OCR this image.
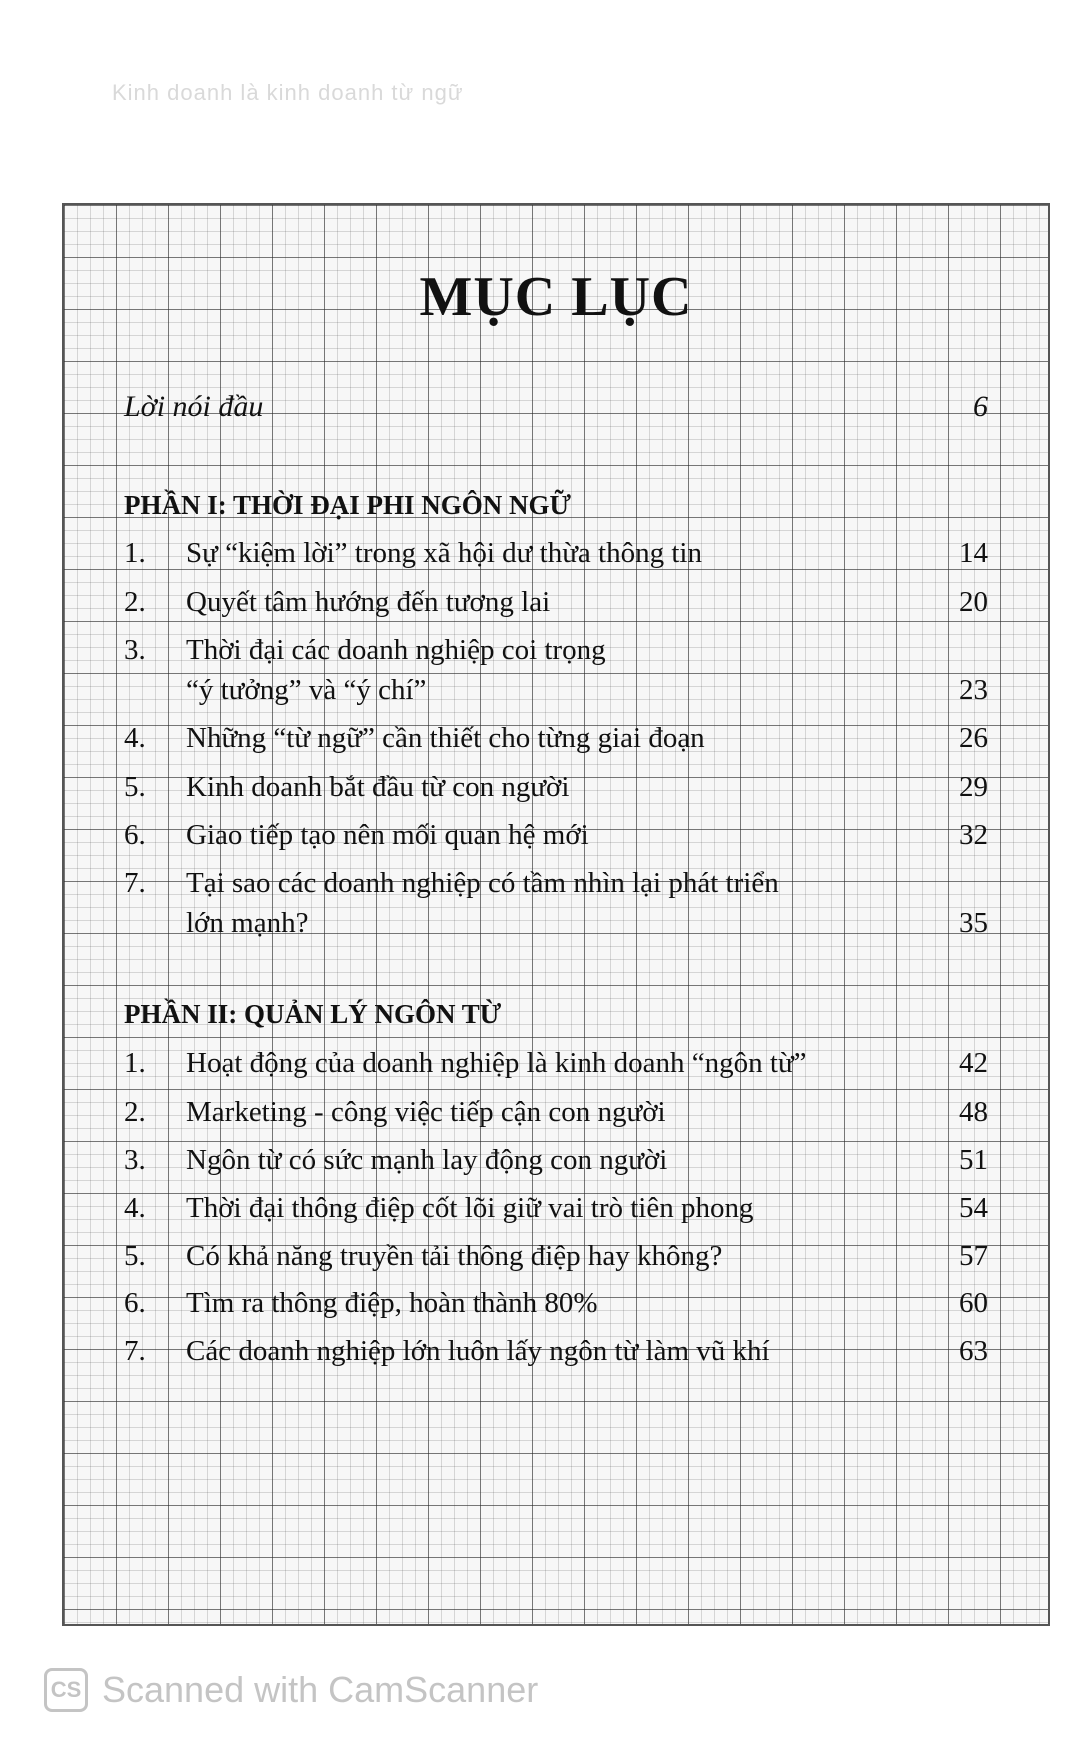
Kinh doanh là kinh doanh từ ngữ
MỤC LỤC
Lời nói đầu	6
PHẦN I: THỜI ĐẠI PHI NGÔN NGỮ
1.	Sự “kiệm lời” trong xã hội dư thừa thông tin	14
2.	Quyết tâm hướng đến tương lai	20
3.	Thời đại các doanh nghiệp coi trọng
“ý tưởng” và “ý chí”	23
4.	Những “từ ngữ” cần thiết cho từng giai đoạn	26
5.	Kinh doanh bắt đầu từ con người	29
6.	Giao tiếp tạo nên mối quan hệ mới	32
7.	Tại sao các doanh nghiệp có tầm nhìn lại phát triển
lớn mạnh?	35
PHẦN II: QUẢN LÝ NGÔN TỪ
1.	Hoạt động của doanh nghiệp là kinh doanh “ngôn từ”	42
2.	Marketing - công việc tiếp cận con người	48
3.	Ngôn từ có sức mạnh lay động con người	51
4.	Thời đại thông điệp cốt lõi giữ vai trò tiên phong	54
5.	Có khả năng truyền tải thông điệp hay không?	57
6.	Tìm ra thông điệp, hoàn thành 80%	60
7.	Các doanh nghiệp lớn luôn lấy ngôn từ làm vũ khí	63
CS Scanned with CamScanner
